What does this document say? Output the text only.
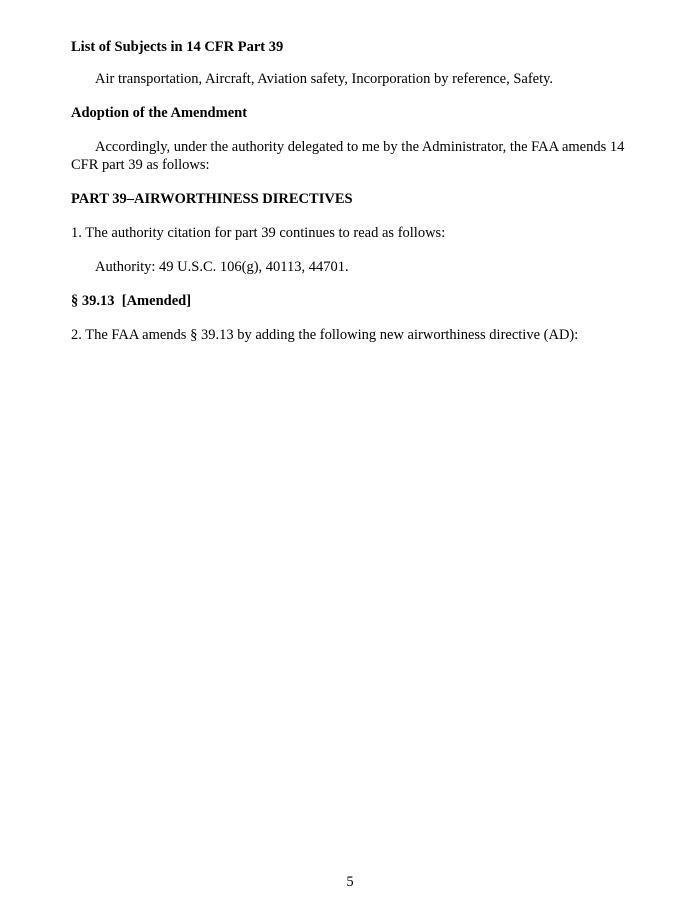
List of Subjects in 14 CFR Part 39

Air transportation, Aircraft, Aviation safety, Incorporation by reference, Safety.

Adoption of the Amendment

Accordingly, under the authority delegated to me by the Administrator, the FAA amends 14 CFR part 39 as follows:

PART 39–AIRWORTHINESS DIRECTIVES

1. The authority citation for part 39 continues to read as follows:

Authority: 49 U.S.C. 106(g), 40113, 44701.

§ 39.13  [Amended]

2. The FAA amends § 39.13 by adding the following new airworthiness directive (AD):

5
